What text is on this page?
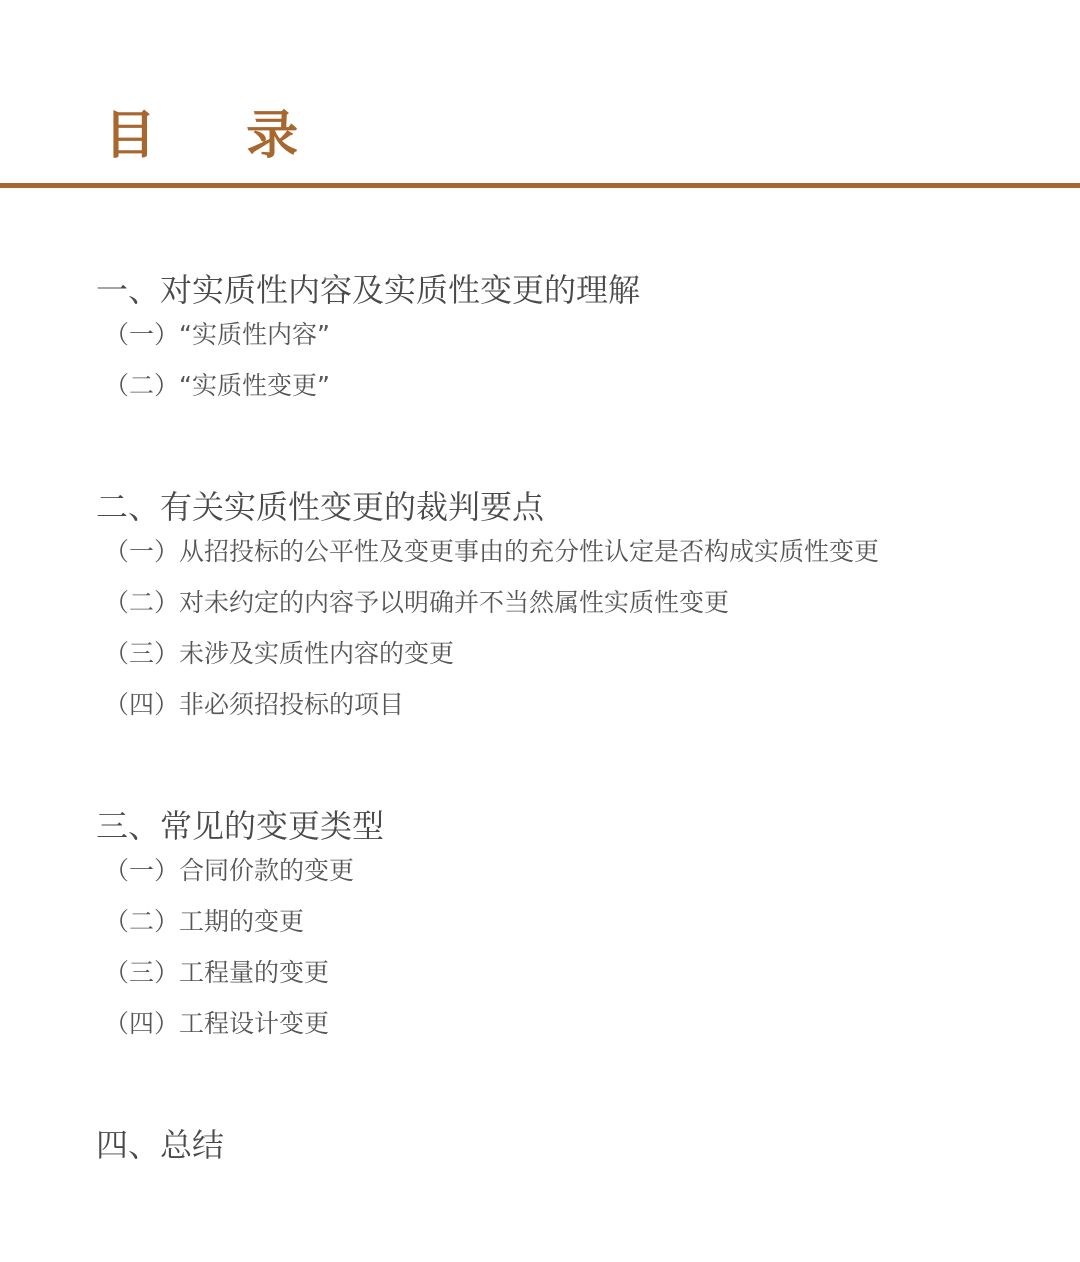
目 录
一、对实质性内容及实质性变更的理解
（一）“实质性内容”
（二）“实质性变更”
二、有关实质性变更的裁判要点
（一）从招投标的公平性及变更事由的充分性认定是否构成实质性变更
（二）对未约定的内容予以明确并不当然属性实质性变更
（三）未涉及实质性内容的变更
（四）非必须招投标的项目
三、常见的变更类型
（一）合同价款的变更
（二）工期的变更
（三）工程量的变更
（四）工程设计变更
四、总结
